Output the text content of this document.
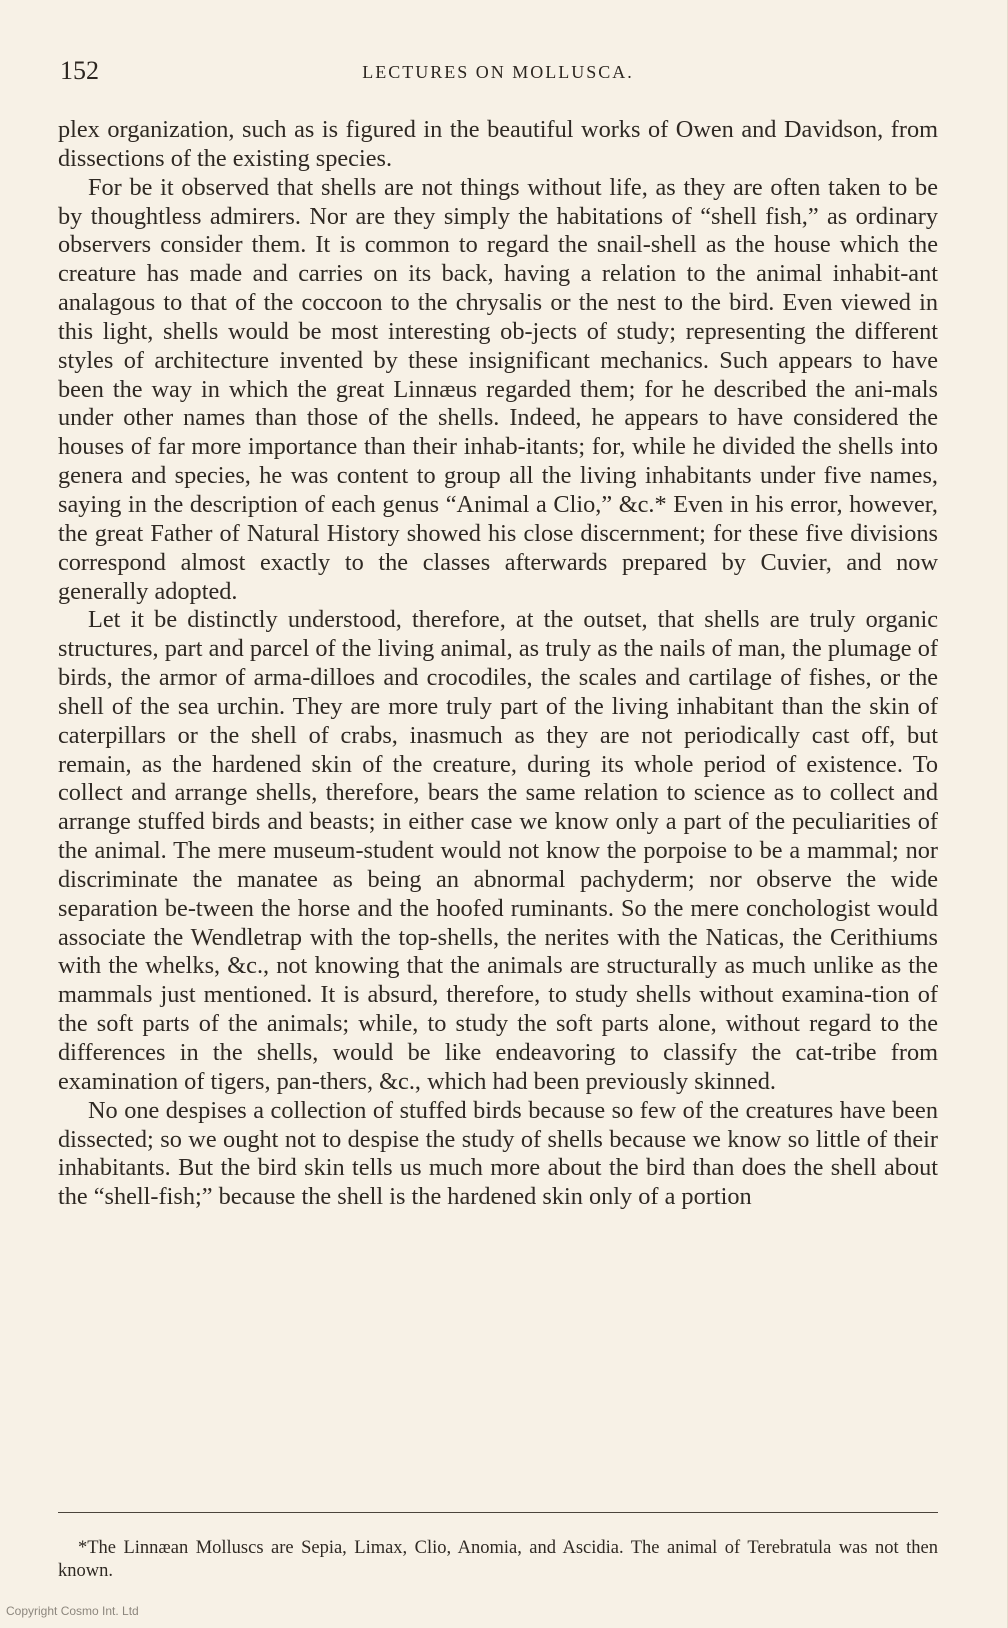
152	LECTURES ON MOLLUSCA.

plex organization, such as is figured in the beautiful works of Owen and Davidson, from dissections of the existing species.

For be it observed that shells are not things without life, as they are often taken to be by thoughtless admirers. Nor are they simply the habitations of “shell fish,” as ordinary observers consider them. It is common to regard the snail-shell as the house which the creature has made and carries on its back, having a relation to the animal inhabit-ant analagous to that of the coccoon to the chrysalis or the nest to the bird. Even viewed in this light, shells would be most interesting ob-jects of study; representing the different styles of architecture invented by these insignificant mechanics. Such appears to have been the way in which the great Linnæus regarded them; for he described the ani-mals under other names than those of the shells. Indeed, he appears to have considered the houses of far more importance than their inhab-itants; for, while he divided the shells into genera and species, he was content to group all the living inhabitants under five names, saying in the description of each genus “Animal a Clio,” &c.* Even in his error, however, the great Father of Natural History showed his close discernment; for these five divisions correspond almost exactly to the classes afterwards prepared by Cuvier, and now generally adopted.

Let it be distinctly understood, therefore, at the outset, that shells are truly organic structures, part and parcel of the living animal, as truly as the nails of man, the plumage of birds, the armor of arma-dilloes and crocodiles, the scales and cartilage of fishes, or the shell of the sea urchin. They are more truly part of the living inhabitant than the skin of caterpillars or the shell of crabs, inasmuch as they are not periodically cast off, but remain, as the hardened skin of the creature, during its whole period of existence. To collect and arrange shells, therefore, bears the same relation to science as to collect and arrange stuffed birds and beasts; in either case we know only a part of the peculiarities of the animal. The mere museum-student would not know the porpoise to be a mammal; nor discriminate the manatee as being an abnormal pachyderm; nor observe the wide separation be-tween the horse and the hoofed ruminants. So the mere conchologist would associate the Wendletrap with the top-shells, the nerites with the Naticas, the Cerithiums with the whelks, &c., not knowing that the animals are structurally as much unlike as the mammals just mentioned. It is absurd, therefore, to study shells without examina-tion of the soft parts of the animals; while, to study the soft parts alone, without regard to the differences in the shells, would be like endeavoring to classify the cat-tribe from examination of tigers, pan-thers, &c., which had been previously skinned.

No one despises a collection of stuffed birds because so few of the creatures have been dissected; so we ought not to despise the study of shells because we know so little of their inhabitants. But the bird skin tells us much more about the bird than does the shell about the “shell-fish;” because the shell is the hardened skin only of a portion

*The Linnæan Molluscs are Sepia, Limax, Clio, Anomia, and Ascidia. The animal of Terebratula was not then known.

Copyright Cosmo Int. Ltd
